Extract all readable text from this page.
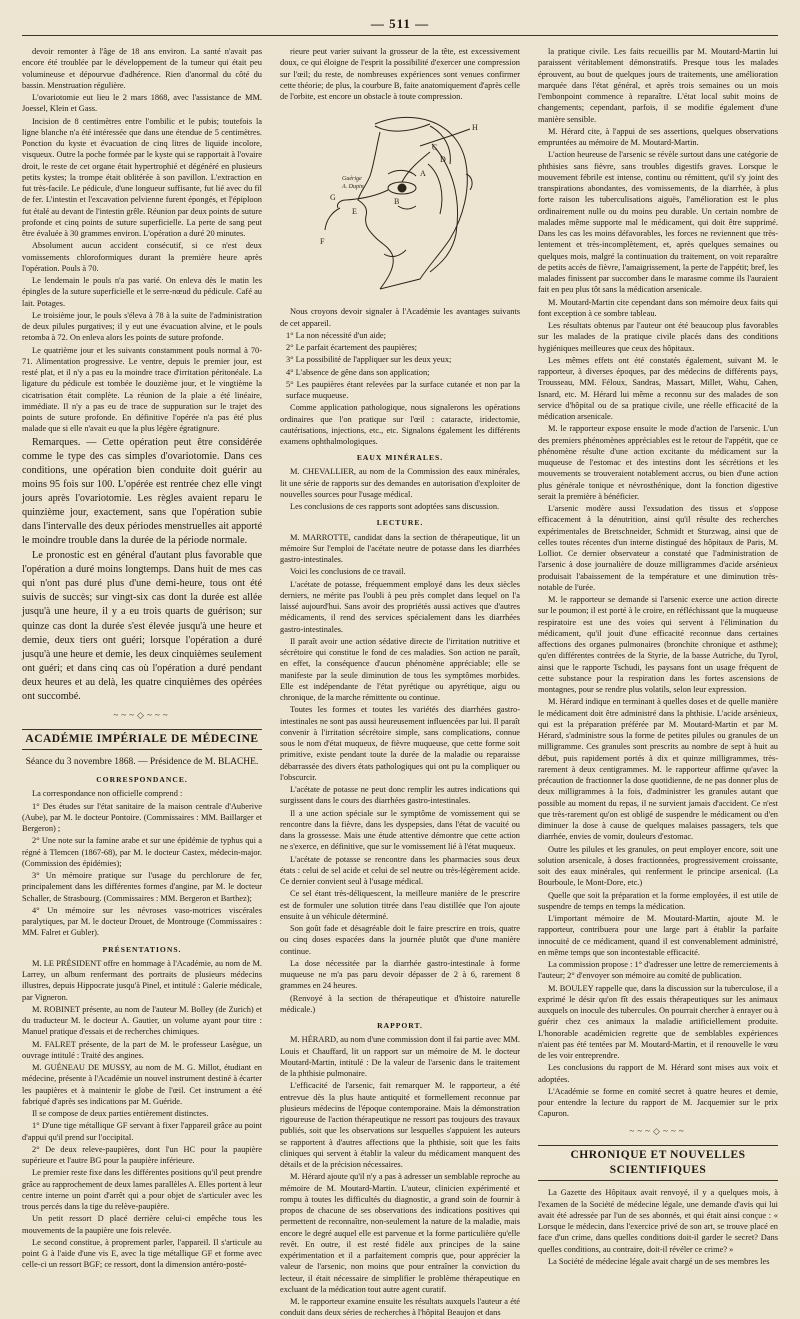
— 511 —

devoir remonter à l'âge de 18 ans environ. La santé n'avait pas encore été troublée par le développement de la tumeur qui était peu volumineuse et dépourvue d'adhérence. Rien d'anormal du côté du bassin. Menstruation régulière.

L'ovariotomie eut lieu le 2 mars 1868, avec l'assistance de MM. Joessel, Klein et Gass.

Incision de 8 centimètres entre l'ombilic et le pubis; toutefois la ligne blanche n'a été intéressée que dans une étendue de 5 centimètres. Ponction du kyste et évacuation de cinq litres de liquide incolore, visqueux. Outre la poche formée par le kyste qui se rapportait à l'ovaire droit, le reste de cet organe était hypertrophié et dégénéré en plusieurs petits kystes; la trompe était oblitérée à son pavillon. L'extraction en fut très-facile. Le pédicule, d'une longueur suffisante, fut lié avec du fil de fer. L'intestin et l'excavation pelvienne furent épongés, et l'épiploon fut étalé au devant de l'intestin grêle. Réunion par deux points de suture profonde et cinq points de suture superficielle. La perte de sang peut être évaluée à 30 grammes environ. L'opération a duré 20 minutes.

Absolument aucun accident consécutif, si ce n'est deux vomissements chloroformiques durant la première heure après l'opération. Pouls à 70.

Le lendemain le pouls n'a pas varié. On enleva dès le matin les épingles de la suture superficielle et le serre-nœud du pédicule. Café au lait. Potages.

Le troisième jour, le pouls s'éleva à 78 à la suite de l'administration de deux pilules purgatives; il y eut une évacuation alvine, et le pouls retomba à 72. On enleva alors les points de suture profonde.

Le quatrième jour et les suivants constamment pouls normal à 70-71. Alimentation progressive. Le ventre, depuis le premier jour, est resté plat, et il n'y a pas eu la moindre trace d'irritation péritonéale. La ligature du pédicule est tombée le douzième jour, et le vingtième la cicatrisation était complète. La réunion de la plaie a été linéaire, immédiate. Il n'y a pas eu de trace de suppuration sur le trajet des points de suture profonde. En définitive l'opérée n'a pas été plus malade que si elle n'avait eu que la plus légère égratignure.

Remarques. — Cette opération peut être considérée comme le type des cas simples d'ovariotomie. Dans ces conditions, une opération bien conduite doit guérir au moins 95 fois sur 100. L'opérée est rentrée chez elle vingt jours après l'ovariotomie. Les règles avaient reparu le quinzième jour, exactement, sans que l'opération subie dans l'intervalle des deux périodes menstruelles ait apporté le moindre trouble dans la durée de la période normale.

Le pronostic est en général d'autant plus favorable que l'opération a duré moins longtemps. Dans huit de mes cas qui n'ont pas duré plus d'une demi-heure, tous ont été suivis de succès; sur vingt-six cas dont la durée est allée jusqu'à une heure, il y a eu trois quarts de guérison; sur quinze cas dont la durée s'est élevée jusqu'à une heure et demie, deux tiers ont guéri; lorsque l'opération a duré jusqu'à une heure et demie, les deux cinquièmes seulement ont guéri; et dans cinq cas où l'opération a duré pendant deux heures et au delà, les quatre cinquièmes des opérées ont succombé.

~~~◇~~~
ACADÉMIE IMPÉRIALE DE MÉDECINE

Séance du 3 novembre 1868. — Présidence de M. BLACHE.

CORRESPONDANCE.

La correspondance non officielle comprend :

1° Des études sur l'état sanitaire de la maison centrale d'Auberive (Aube), par M. le docteur Pontoire. (Commissaires : MM. Baillarger et Bergeron) ;

2° Une note sur la famine arabe et sur une épidémie de typhus qui a régné à Tlemcen (1867-68), par M. le docteur Castex, médecin-major. (Commission des épidémies);

3° Un mémoire pratique sur l'usage du perchlorure de fer, principalement dans les différentes formes d'angine, par M. le docteur Schaller, de Strasbourg. (Commissaires : MM. Bergeron et Barthez);

4° Un mémoire sur les névroses vaso-motrices viscérales paralytiques, par M. le docteur Drouet, de Montrouge (Commissaires : MM. Falret et Gubler).

PRÉSENTATIONS.

M. LE PRÉSIDENT offre en hommage à l'Académie, au nom de M. Larrey, un album renfermant des portraits de plusieurs médecins illustres, depuis Hippocrate jusqu'à Pinel, et intitulé : Galerie médicale, par Vigneron.

M. ROBINET présente, au nom de l'auteur M. Bolley (de Zurich) et du traducteur M. le docteur A. Gautier, un volume ayant pour titre : Manuel pratique d'essais et de recherches chimiques.

M. FALRET présente, de la part de M. le professeur Lasègue, un ouvrage intitulé : Traité des angines.

M. GUÉNEAU DE MUSSY, au nom de M. G. Millot, étudiant en médecine, présente à l'Académie un nouvel instrument destiné à écarter les paupières et à maintenir le globe de l'œil. Cet instrument a été fabriqué d'après ses indications par M. Guéride.

Il se compose de deux parties entièrement distinctes.

1° D'une tige métallique GF servant à fixer l'appareil grâce au point d'appui qu'il prend sur l'occipital.

2° De deux releve-paupières, dont l'un HC pour la paupière supérieure et l'autre BG pour la paupière inférieure.

Le premier reste fixe dans les différentes positions qu'il peut prendre grâce au rapprochement de deux lames parallèles A. Elles portent à leur centre interne un point d'arrêt qui a pour objet de s'articuler avec les trous percés dans la tige du relève-paupière.

Un petit ressort D placé derrière celui-ci empêche tous les mouvements de la paupière une fois relevée.

Le second constitue, à proprement parler, l'appareil. Il s'articule au point G à l'aide d'une vis E, avec la tige métallique GF et forme avec celle-ci un ressort BGF; ce ressort, dont la dimension antéro-posté-

rieure peut varier suivant la grosseur de la tête, est excessivement doux, ce qui éloigne de l'esprit la possibilité d'exercer une compression sur l'œil; du reste, de nombreuses expériences sont venues confirmer cette théorie; de plus, la courbure B, faite anatomiquement d'après celle de l'orbite, est encore un obstacle à toute compression.

H
C
A
B
G
E
D
F
Guérige
A. Dupin

Nous croyons devoir signaler à l'Académie les avantages suivants de cet appareil.

1° La non nécessité d'un aide;

2° Le parfait écartement des paupières;

3° La possibilité de l'appliquer sur les deux yeux;

4° L'absence de gêne dans son application;

5° Les paupières étant relevées par la surface cutanée et non par la surface muqueuse.

Comme application pathologique, nous signalerons les opérations ordinaires que l'on pratique sur l'œil : cataracte, iridectomie, cautérisations, injections, etc., etc. Signalons également les différents examens ophthalmologiques.

EAUX MINÉRALES.

M. CHEVALLIER, au nom de la Commission des eaux minérales, lit une série de rapports sur des demandes en autorisation d'exploiter de nouvelles sources pour l'usage médical.

Les conclusions de ces rapports sont adoptées sans discussion.

LECTURE.

M. MARROTTE, candidat dans la section de thérapeutique, lit un mémoire Sur l'emploi de l'acétate neutre de potasse dans les diarrhées gastro-intestinales.

Voici les conclusions de ce travail.

L'acétate de potasse, fréquemment employé dans les deux siècles derniers, ne mérite pas l'oubli à peu près complet dans lequel on l'a laissé aujourd'hui. Sans avoir des propriétés aussi actives que d'autres médicaments, il rend des services spécialement dans les diarrhées gastro-intestinales.

Il paraît avoir une action sédative directe de l'irritation nutritive et sécrétoire qui constitue le fond de ces maladies. Son action ne paraît, en effet, la conséquence d'aucun phénomène appréciable; elle se manifeste par la seule diminution de tous les symptômes morbides. Elle est indépendante de l'état pyrétique ou apyrétique, aigu ou chronique, de la marche rémittente ou continue.

Toutes les formes et toutes les variétés des diarrhées gastro-intestinales ne sont pas aussi heureusement influencées par lui. Il paraît convenir à l'irritation sécrétoire simple, sans complications, connue sous le nom d'état muqueux, de fièvre muqueuse, que cette forme soit primitive, existe pendant toute la durée de la maladie ou reparaisse débarrassée des divers états pathologiques qui ont pu la compliquer ou l'obscurcir.

L'acétate de potasse ne peut donc remplir les autres indications qui surgissent dans le cours des diarrhées gastro-intestinales.

Il a une action spéciale sur le symptôme de vomissement qui se rencontre dans la fièvre, dans les dyspepsies, dans l'état de vacuité ou dans la grossesse. Mais une étude attentive démontre que cette action ne s'exerce, en définitive, que sur le vomissement lié à l'état muqueux.

L'acétate de potasse se rencontre dans les pharmacies sous deux états : celui de sel acide et celui de sel neutre ou très-légèrement acide. Ce dernier convient seul à l'usage médical.

Ce sel étant très-déliquescent, la meilleure manière de le prescrire est de formuler une solution titrée dans l'eau distillée que l'on ajoute ensuite à un véhicule déterminé.

Son goût fade et désagréable doit le faire prescrire en trois, quatre ou cinq doses espacées dans la journée plutôt que d'une manière continue.

La dose nécessitée par la diarrhée gastro-intestinale à forme muqueuse ne m'a pas paru devoir dépasser de 2 à 6, rarement 8 grammes en 24 heures.

(Renvoyé à la section de thérapeutique et d'histoire naturelle médicale.)

RAPPORT.

M. HÉRARD, au nom d'une commission dont il fai partie avec MM. Louis et Chauffard, lit un rapport sur un mémoire de M. le docteur Moutard-Martin, intitulé : De la valeur de l'arsenic dans le traitement de la phthisie pulmonaire.

L'efficacité de l'arsenic, fait remarquer M. le rapporteur, a été entrevue dès la plus haute antiquité et formellement reconnue par plusieurs médecins de l'époque contemporaine. Mais la démonstration rigoureuse de l'action thérapeutique ne ressort pas toujours des travaux publiés, soit que les observations sur lesquelles s'appuient les auteurs se rapportent à d'autres affections que la phthisie, soit que les faits cliniques qui servent à établir la valeur du médicament manquent des détails et de la précision nécessaires.

M. Hérard ajoute qu'il n'y a pas à adresser un semblable reproche au mémoire de M. Moutard-Martin. L'auteur, clinicien expérimenté et rompu à toutes les difficultés du diagnostic, a grand soin de fournir à propos de chacune de ses observations des indications positives qui permettent de reconnaître, non-seulement la nature de la maladie, mais encore le degré auquel elle est parvenue et la forme particulière qu'elle revêt. En outre, il est resté fidèle aux principes de la saine expérimentation et il a parfaitement compris que, pour apprécier la valeur de l'arsenic, non moins que pour entraîner la conviction du lecteur, il était nécessaire de simplifier le problème thérapeutique en excluant de la médication tout autre agent curatif.

M. le rapporteur examine ensuite les résultats auxquels l'auteur a été conduit dans deux séries de recherches à l'hôpital Beaujon et dans

la pratique civile. Les faits recueillis par M. Moutard-Martin lui paraissent véritablement démonstratifs. Presque tous les malades éprouvent, au bout de quelques jours de traitements, une amélioration marquée dans l'état général, et après trois semaines ou un mois l'embonpoint commence à reparaître. L'état local subit moins de changements; cependant, parfois, il se modifie également d'une manière sensible.

M. Hérard cite, à l'appui de ses assertions, quelques observations empruntées au mémoire de M. Moutard-Martin.

L'action heureuse de l'arsenic se révèle surtout dans une catégorie de phthisies sans fièvre, sans troubles digestifs graves. Lorsque le mouvement fébrile est intense, continu ou rémittent, qu'il s'y joint des transpirations abondantes, des vomissements, de la diarrhée, à plus forte raison les tuberculisations aiguës, l'amélioration est le plus ordinairement nulle ou du moins peu durable. Un certain nombre de malades même supporte mal le médicament, qui doit être supprimé. Dans les cas les moins défavorables, les forces ne reviennent que très-lentement et très-incomplètement, et, après quelques semaines ou quelques mois, malgré la continuation du traitement, on voit reparaître de petits accès de fièvre, l'amaigrissement, la perte de l'appétit; bref, les malades finissent par succomber dans le marasme comme ils l'auraient fait en peu plus tôt sans la médication arsenicale.

M. Moutard-Martin cite cependant dans son mémoire deux faits qui font exception à ce sombre tableau.

Les résultats obtenus par l'auteur ont été beaucoup plus favorables sur les malades de la pratique civile placés dans des conditions hygiéniques meilleures que ceux des hôpitaux.

Les mêmes effets ont été constatés également, suivant M. le rapporteur, à diverses époques, par des médecins de différents pays, Trousseau, MM. Féloux, Sandras, Massart, Millet, Wahu, Cahen, Isnard, etc. M. Hérard lui même a reconnu sur des malades de son service d'hôpital ou de sa pratique civile, une réelle efficacité de la médication arsenicale.

M. le rapporteur expose ensuite le mode d'action de l'arsenic. L'un des premiers phénomènes appréciables est le retour de l'appétit, que ce phénomène résulte d'une action excitante du médicament sur la muqueuse de l'estomac et des intestins dont les sécrétions et les mouvements se trouveraient notablement accrus, ou bien d'une action plus générale tonique et névrosthénique, dont la fonction digestive serait la première à bénéficier.

L'arsenic modère aussi l'exsudation des tissus et s'oppose efficacement à la dénutrition, ainsi qu'il résulte des recherches expérimentales de Bretschneider, Schmidt et Sturzwag, ainsi que de celles toutes récentes d'un interne distingué des hôpitaux de Paris, M. Lolliot. Ce dernier observateur a constaté que l'administration de l'arsenic à dose journalière de douze milligrammes d'acide arsénieux produisait l'abaissement de la température et une diminution très-notable de l'urée.

M. le rapporteur se demande si l'arsenic exerce une action directe sur le poumon; il est porté à le croire, en réfléchissant que la muqueuse respiratoire est une des voies qui servent à l'élimination du médicament, qu'il jouit d'une efficacité reconnue dans certaines affections des organes pulmonaires (bronchite chronique et asthme); qu'en différentes contrées de la Styrie, de la basse Autriche, du Tyrol, ainsi que le rapporte Tschudi, les paysans font un usage fréquent de cette substance pour la respiration dans les fortes ascensions de montagnes, pour se rendre plus volatils, selon leur expression.

M. Hérard indique en terminant à quelles doses et de quelle manière le médicament doit être administré dans la phthisie. L'acide arsénieux, qui est la préparation préférée par M. Moutard-Martin et par M. Hérard, s'administre sous la forme de petites pilules ou granules de un milligramme. Ces granules sont prescrits au nombre de sept à huit au début, puis rapidement portés à dix et quinze milligrammes, très-rarement à deux centigrammes. M. le rapporteur affirme qu'avec la précaution de fractionner la dose quotidienne, de ne pas donner plus de deux milligrammes à la fois, d'administrer les granules autant que possible au moment du repas, il ne survient jamais d'accident. Ce n'est que très-rarement qu'on est obligé de suspendre le médicament ou d'en diminuer la dose à cause de quelques malaises passagers, tels que diarrhée, envies de vomir, douleurs d'estomac.

Outre les pilules et les granules, on peut employer encore, soit une solution arsenicale, à doses fractionnées, progressivement croissante, soit des eaux minérales, qui renferment le principe arsenical. (La Bourboule, le Mont-Dore, etc.)

Quelle que soit la préparation et la forme employées, il est utile de suspendre de temps en temps la médication.

L'important mémoire de M. Moutard-Martin, ajoute M. le rapporteur, contribuera pour une large part à établir la parfaite innocuité de ce médicament, quand il est convenablement administré, en même temps que son incontestable efficacité.

La commission propose : 1° d'adresser une lettre de remerciements à l'auteur; 2° d'envoyer son mémoire au comité de publication.

M. BOULEY rappelle que, dans la discussion sur la tuberculose, il a exprimé le désir qu'on fît des essais thérapeutiques sur les animaux auxquels on inocule des tubercules. On pourrait chercher à enrayer ou à guérir chez ces animaux la maladie artificiellement produite. L'honorable académicien regrette que de semblables expériences n'aient pas été tentées par M. Moutard-Martin, et il renouvelle le vœu de les voir entreprendre.

Les conclusions du rapport de M. Hérard sont mises aux voix et adoptées.

L'Académie se forme en comité secret à quatre heures et demie, pour entendre la lecture du rapport de M. Jacquemier sur le prix Capuron.

~~~◇~~~
CHRONIQUE ET NOUVELLES SCIENTIFIQUES

La Gazette des Hôpitaux avait renvoyé, il y a quelques mois, à l'examen de la Société de médecine légale, une demande d'avis qui lui avait été adressée par l'un de ses abonnés, et qui était ainsi conçue : « Lorsque le médecin, dans l'exercice privé de son art, se trouve placé en face d'un crime, dans quelles conditions doit-il garder le secret? Dans quelles conditions, au contraire, doit-il révéler ce crime? »

La Société de médecine légale avait chargé un de ses membres les
